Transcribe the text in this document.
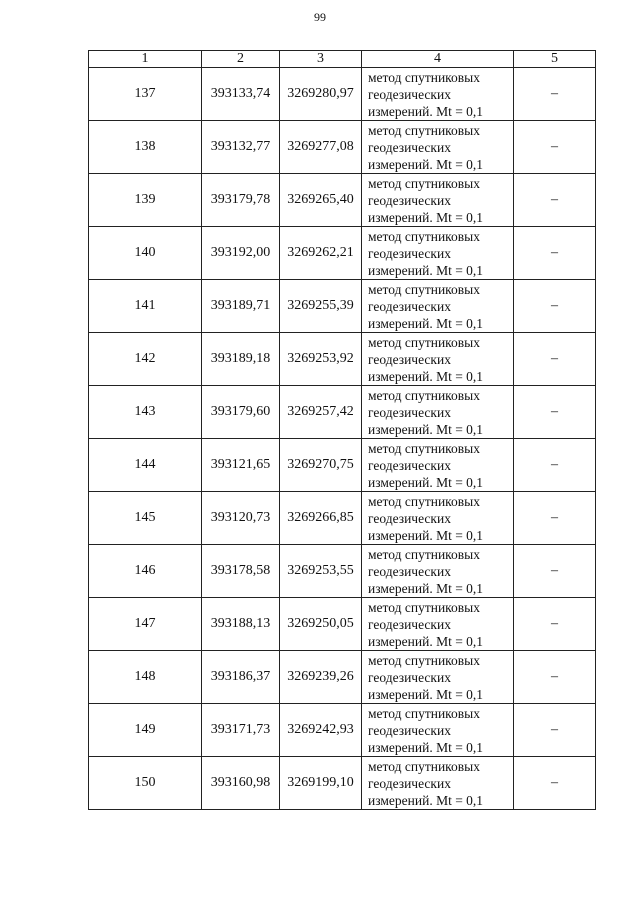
99
1	2	3	4	5
137	393133,74	3269280,97	метод спутниковых
геодезических
измерений. Mt = 0,1	–
138	393132,77	3269277,08	метод спутниковых
геодезических
измерений. Mt = 0,1	–
139	393179,78	3269265,40	метод спутниковых
геодезических
измерений. Mt = 0,1	–
140	393192,00	3269262,21	метод спутниковых
геодезических
измерений. Mt = 0,1	–
141	393189,71	3269255,39	метод спутниковых
геодезических
измерений. Mt = 0,1	–
142	393189,18	3269253,92	метод спутниковых
геодезических
измерений. Mt = 0,1	–
143	393179,60	3269257,42	метод спутниковых
геодезических
измерений. Mt = 0,1	–
144	393121,65	3269270,75	метод спутниковых
геодезических
измерений. Mt = 0,1	–
145	393120,73	3269266,85	метод спутниковых
геодезических
измерений. Mt = 0,1	–
146	393178,58	3269253,55	метод спутниковых
геодезических
измерений. Mt = 0,1	–
147	393188,13	3269250,05	метод спутниковых
геодезических
измерений. Mt = 0,1	–
148	393186,37	3269239,26	метод спутниковых
геодезических
измерений. Mt = 0,1	–
149	393171,73	3269242,93	метод спутниковых
геодезических
измерений. Mt = 0,1	–
150	393160,98	3269199,10	метод спутниковых
геодезических
измерений. Mt = 0,1	–
